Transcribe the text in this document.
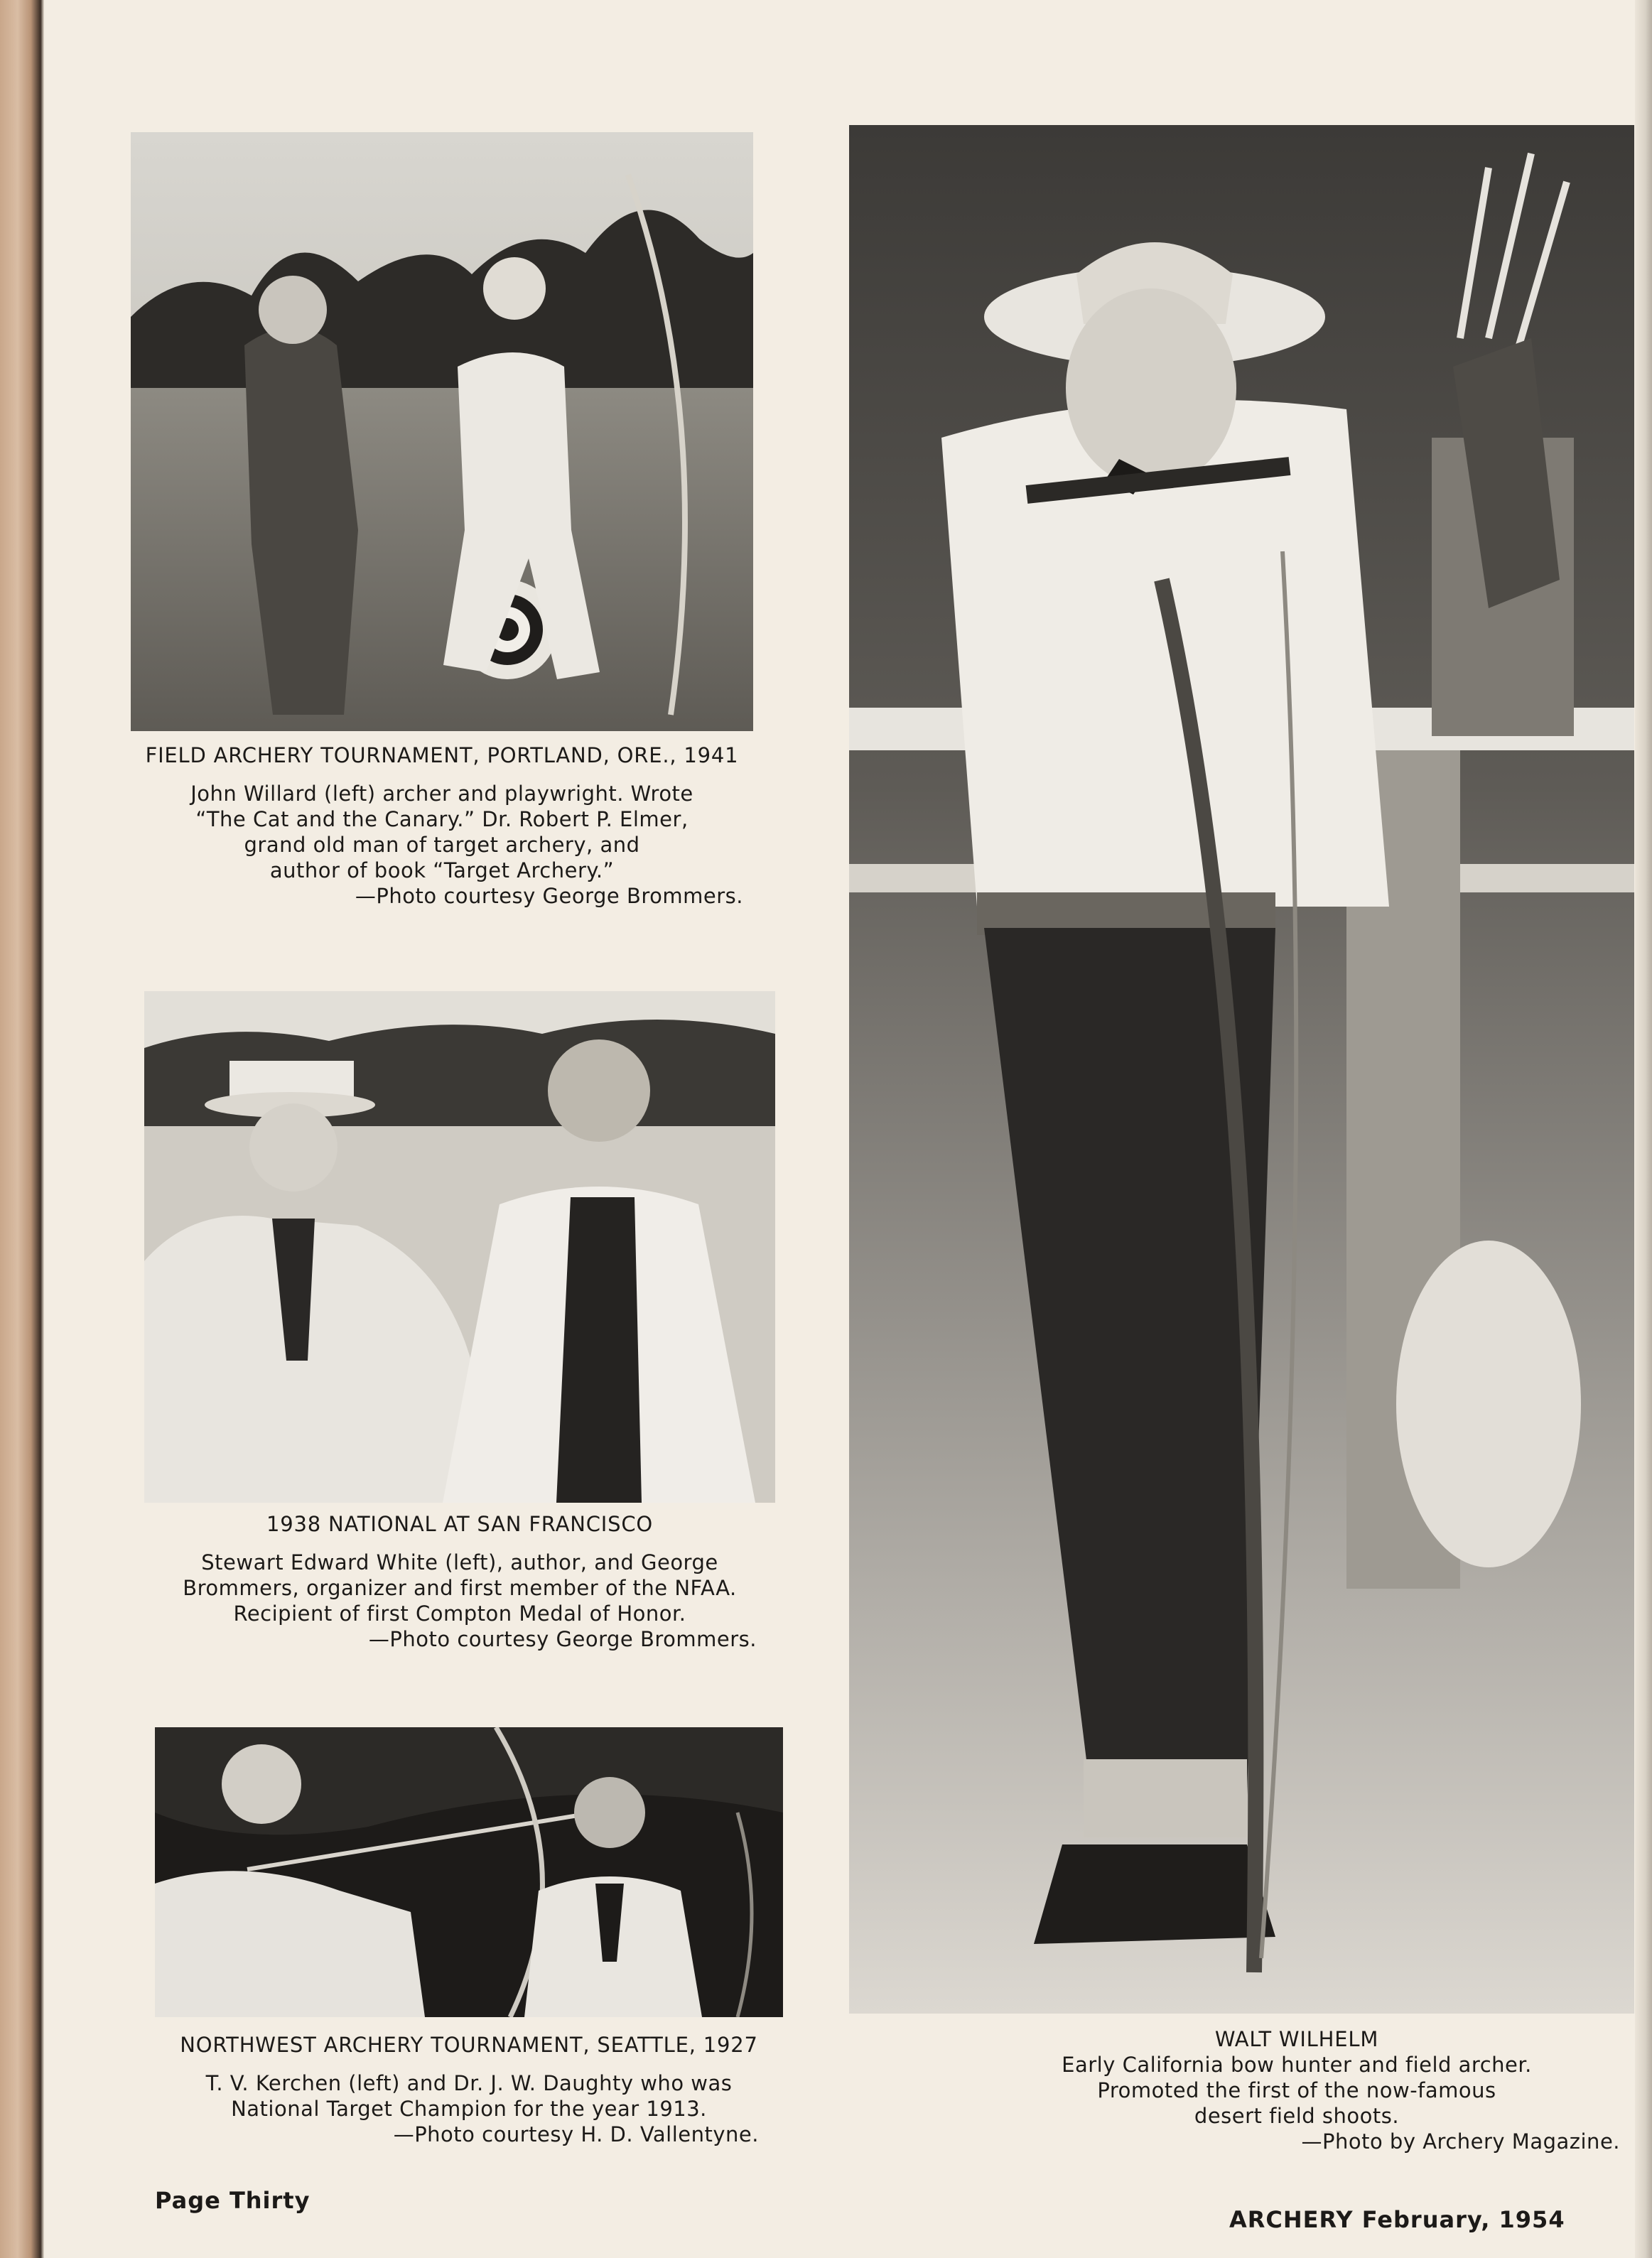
FIELD ARCHERY TOURNAMENT, PORTLAND, ORE., 1941
John Willard (left) archer and playwright. Wrote
“The Cat and the Canary.” Dr. Robert P. Elmer,
grand old man of target archery, and
author of book “Target Archery.”
—Photo courtesy George Brommers.
1938 NATIONAL AT SAN FRANCISCO
Stewart Edward White (left), author, and George
Brommers, organizer and first member of the NFAA.
Recipient of first Compton Medal of Honor.
—Photo courtesy George Brommers.
NORTHWEST ARCHERY TOURNAMENT, SEATTLE, 1927
T. V. Kerchen (left) and Dr. J. W. Daughty who was
National Target Champion for the year 1913.
—Photo courtesy H. D. Vallentyne.
WALT WILHELM
Early California bow hunter and field archer.
Promoted the first of the now-famous
desert field shoots.
—Photo by Archery Magazine.
Page Thirty
ARCHERY February, 1954
